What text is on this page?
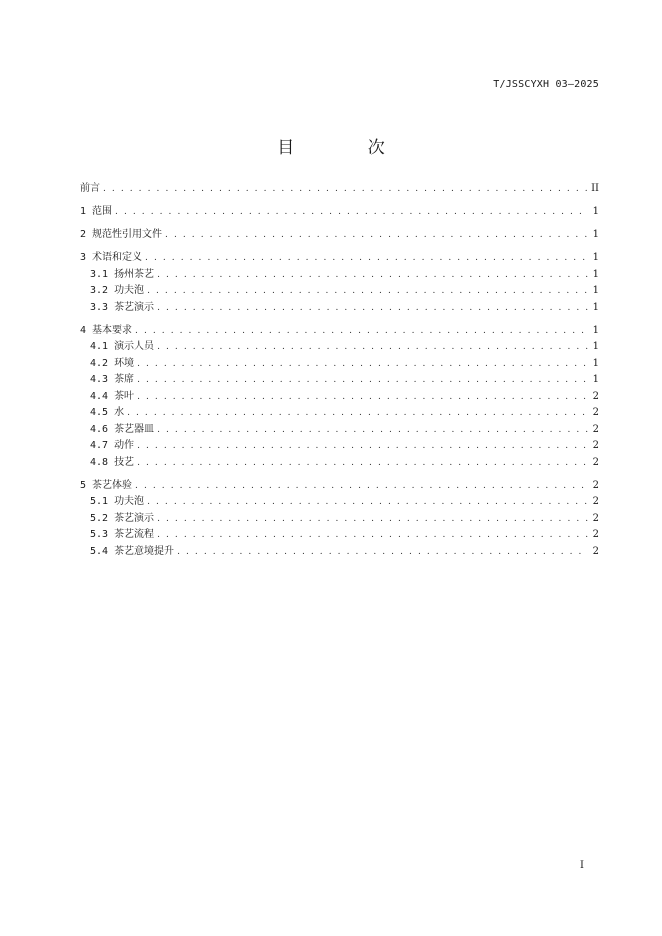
T/JSSCYXH 03—2025
目 次
前言 . . .	II
1 范围 . . .	1
2 规范性引用文件 . . .	1
3 术语和定义 . . .	1
3.1 扬州茶艺 . . .	1
3.2 功夫泡 . . .	1
3.3 茶艺演示 . . .	1
4 基本要求 . . .	1
4.1 演示人员 . . .	1
4.2 环境 . . .	1
4.3 茶席 . . .	1
4.4 茶叶 . . .	2
4.5 水 . . .	2
4.6 茶艺器皿 . . .	2
4.7 动作 . . .	2
4.8 技艺 . . .	2
5 茶艺体验 . . .	2
5.1 功夫泡 . . .	2
5.2 茶艺演示 . . .	2
5.3 茶艺流程 . . .	2
5.4 茶艺意境提升 . . .	2
I
